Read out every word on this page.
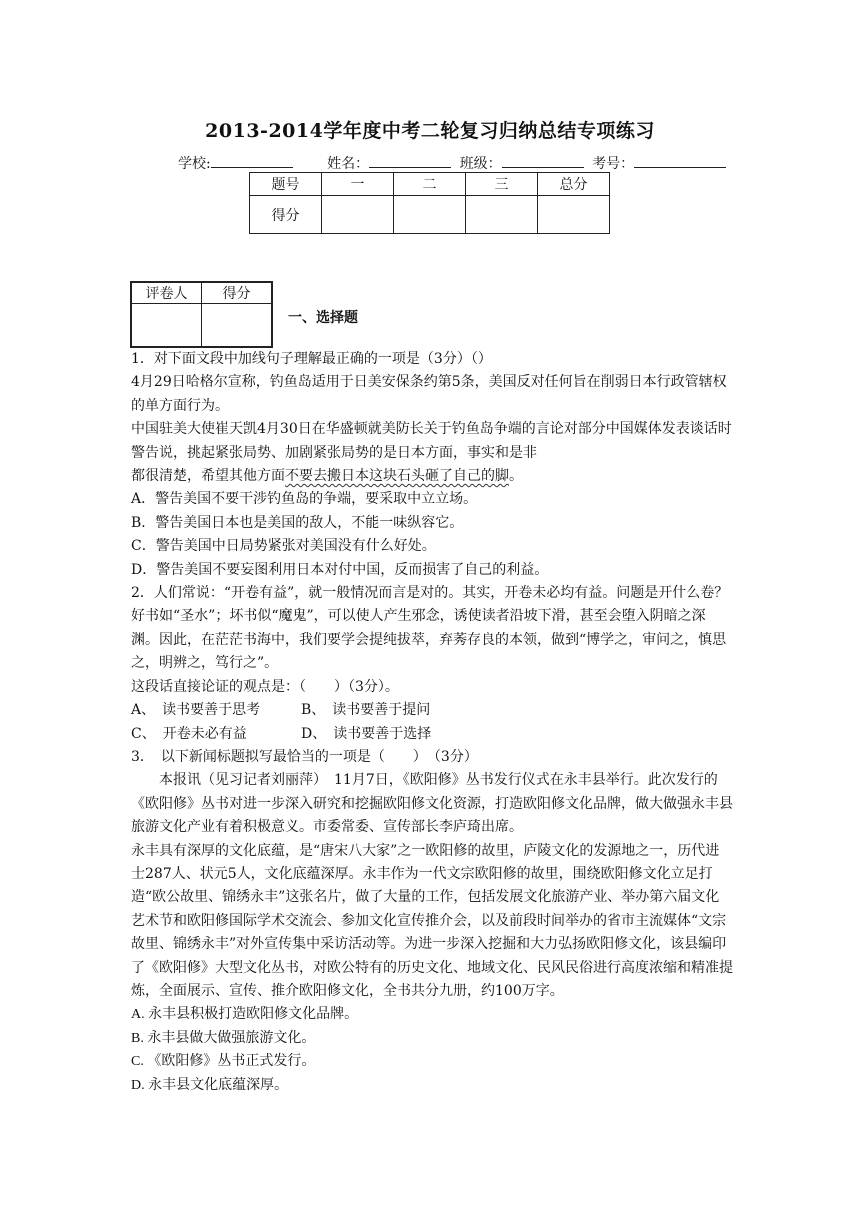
2013-2014学年度中考二轮复习归纳总结专项练习
学校:	姓名：	班级：	考号：
题号	一	二	三	总分
得分				
评卷人	得分

一、选择题

1．对下面文段中加线句子理解最正确的一项是（3分）（）

4月29日哈格尔宣称，钓鱼岛适用于日美安保条约第5条，美国反对任何旨在削弱日本行政管辖权的单方面行为。

中国驻美大使崔天凯4月30日在华盛顿就美防长关于钓鱼岛争端的言论对部分中国媒体发表谈话时警告说，挑起紧张局势、加剧紧张局势的是日本方面，事实和是非

都很清楚，希望其他方面不要去搬日本这块石头砸了自己的脚。

A．警告美国不要干涉钓鱼岛的争端，要采取中立立场。

B．警告美国日本也是美国的敌人，不能一味纵容它。

C．警告美国中日局势紧张对美国没有什么好处。

D．警告美国不要妄图利用日本对付中国，反而损害了自己的利益。

2．人们常说：“开卷有益”，就一般情况而言是对的。其实，开卷未必均有益。问题是开什么卷？好书如“圣水”；坏书似“魔鬼”，可以使人产生邪念，诱使读者沿坡下滑，甚至会堕入阴暗之深渊。因此，在茫茫书海中，我们要学会提纯拔萃，弃莠存良的本领，做到“博学之，审问之，慎思之，明辨之，笃行之”。

这段话直接论证的观点是：（　　）（3分）。

A、　读书要善于思考	B、　读书要善于提问

C、　开卷未必有益	D、　读书要善于选择

3．　以下新闻标题拟写最恰当的一项是（　　）　（3分）

本报讯（见习记者刘丽萍）　11月7日，《欧阳修》丛书发行仪式在永丰县举行。此次发行的《欧阳修》丛书对进一步深入研究和挖掘欧阳修文化资源，打造欧阳修文化品牌，做大做强永丰县旅游文化产业有着积极意义。市委常委、宣传部长李庐琦出席。

永丰具有深厚的文化底蕴，是“唐宋八大家”之一欧阳修的故里，庐陵文化的发源地之一，历代进士287人、状元5人，文化底蕴深厚。永丰作为一代文宗欧阳修的故里，围绕欧阳修文化立足打造“欧公故里、锦绣永丰”这张名片，做了大量的工作，包括发展文化旅游产业、举办第六届文化艺术节和欧阳修国际学术交流会、参加文化宣传推介会，以及前段时间举办的省市主流媒体“文宗故里、锦绣永丰”对外宣传集中采访活动等。为进一步深入挖掘和大力弘扬欧阳修文化，该县编印了《欧阳修》大型文化丛书，对欧公特有的历史文化、地域文化、民风民俗进行高度浓缩和精准提炼，全面展示、宣传、推介欧阳修文化，全书共分九册，约100万字。

A. 永丰县积极打造欧阳修文化品牌。

B. 永丰县做大做强旅游文化。

C. 《欧阳修》丛书正式发行。

D. 永丰县文化底蕴深厚。
